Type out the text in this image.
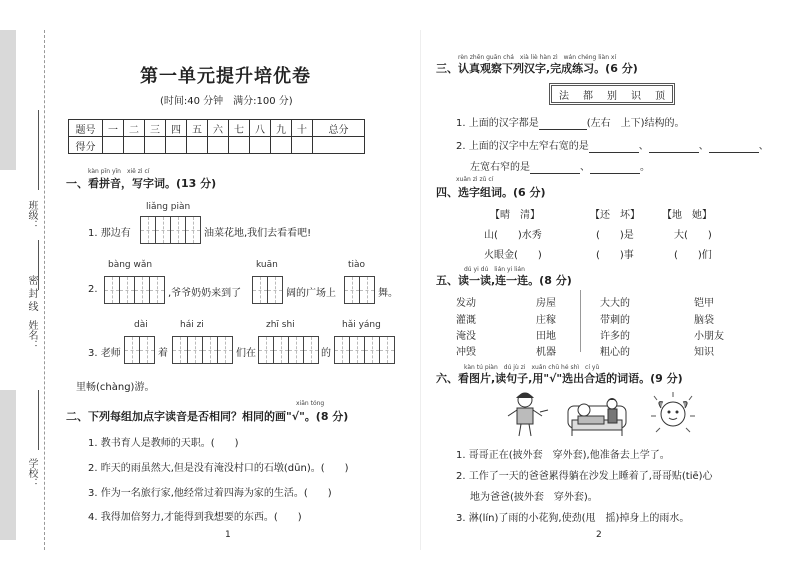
班级：
密 封 线
姓名：
学校：
第一单元提升培优卷
(时间:40 分钟　满分:100 分)
题号	一	二	三	四	五	六	七	八	九	十	总分
得分											
kàn pīn yīn　xiě zì cí
一、看拼音，写字词。(13 分)
liǎng piàn
1. 那边有	油菜花地,我们去看看吧!
bàng wǎn	kuān	tiào
2.	,爷爷奶奶来到了	阔的广场上	舞。
dài	hái zi	zhī shi	hǎi yáng
3. 老师	着	们在	的
里畅(chàng)游。
xiān tóng
二、下列每组加点字读音是否相同？相同的画"√"。(8 分)
1. 教书育人是教师的天职。(　　)
2. 昨天的雨虽然大,但是没有淹没村口的石墩(dūn)。(　　)
3. 作为一名旅行家,他经常过着四海为家的生活。(　　)
4. 我得加倍努力,才能得到我想要的东西。(　　)
1
rèn zhēn guān chá　xià liè hàn zì　wán chéng liàn xí
三、认真观察下列汉字,完成练习。(6 分)
法 都 别 识 顶
1. 上面的汉字都是	(左右　上下)结构的。
2. 上面的汉字中左窄右宽的是	、	、	、
左宽右窄的是	、	。
xuǎn zì zǔ cí
四、选字组词。(6 分)
【晴　清】	【还　坏】 【地　她】
山(　　)水秀	(　　)是	大(　　)
火眼金(　　)	(　　)事	(　　)们
dú yi dú　lián yi lián
五、读一读,连一连。(8 分)
发动
灌溉
淹没
冲毁
房屋
庄稼
田地
机器
大大的
带刺的
许多的
粗心的
铠甲
脑袋
小朋友
知识
kàn tú piàn　dú jù zi　xuǎn chū hé shì　cí yǔ
六、看图片,读句子,用"√"选出合适的词语。(9 分)
1. 哥哥正在(披外套　穿外套),他准备去上学了。
2. 工作了一天的爸爸累得躺在沙发上睡着了,哥哥贴(tiē)心
地为爸爸(披外套　穿外套)。
3. 淋(lín)了雨的小花狗,使劲(甩　摇)掉身上的雨水。
2
